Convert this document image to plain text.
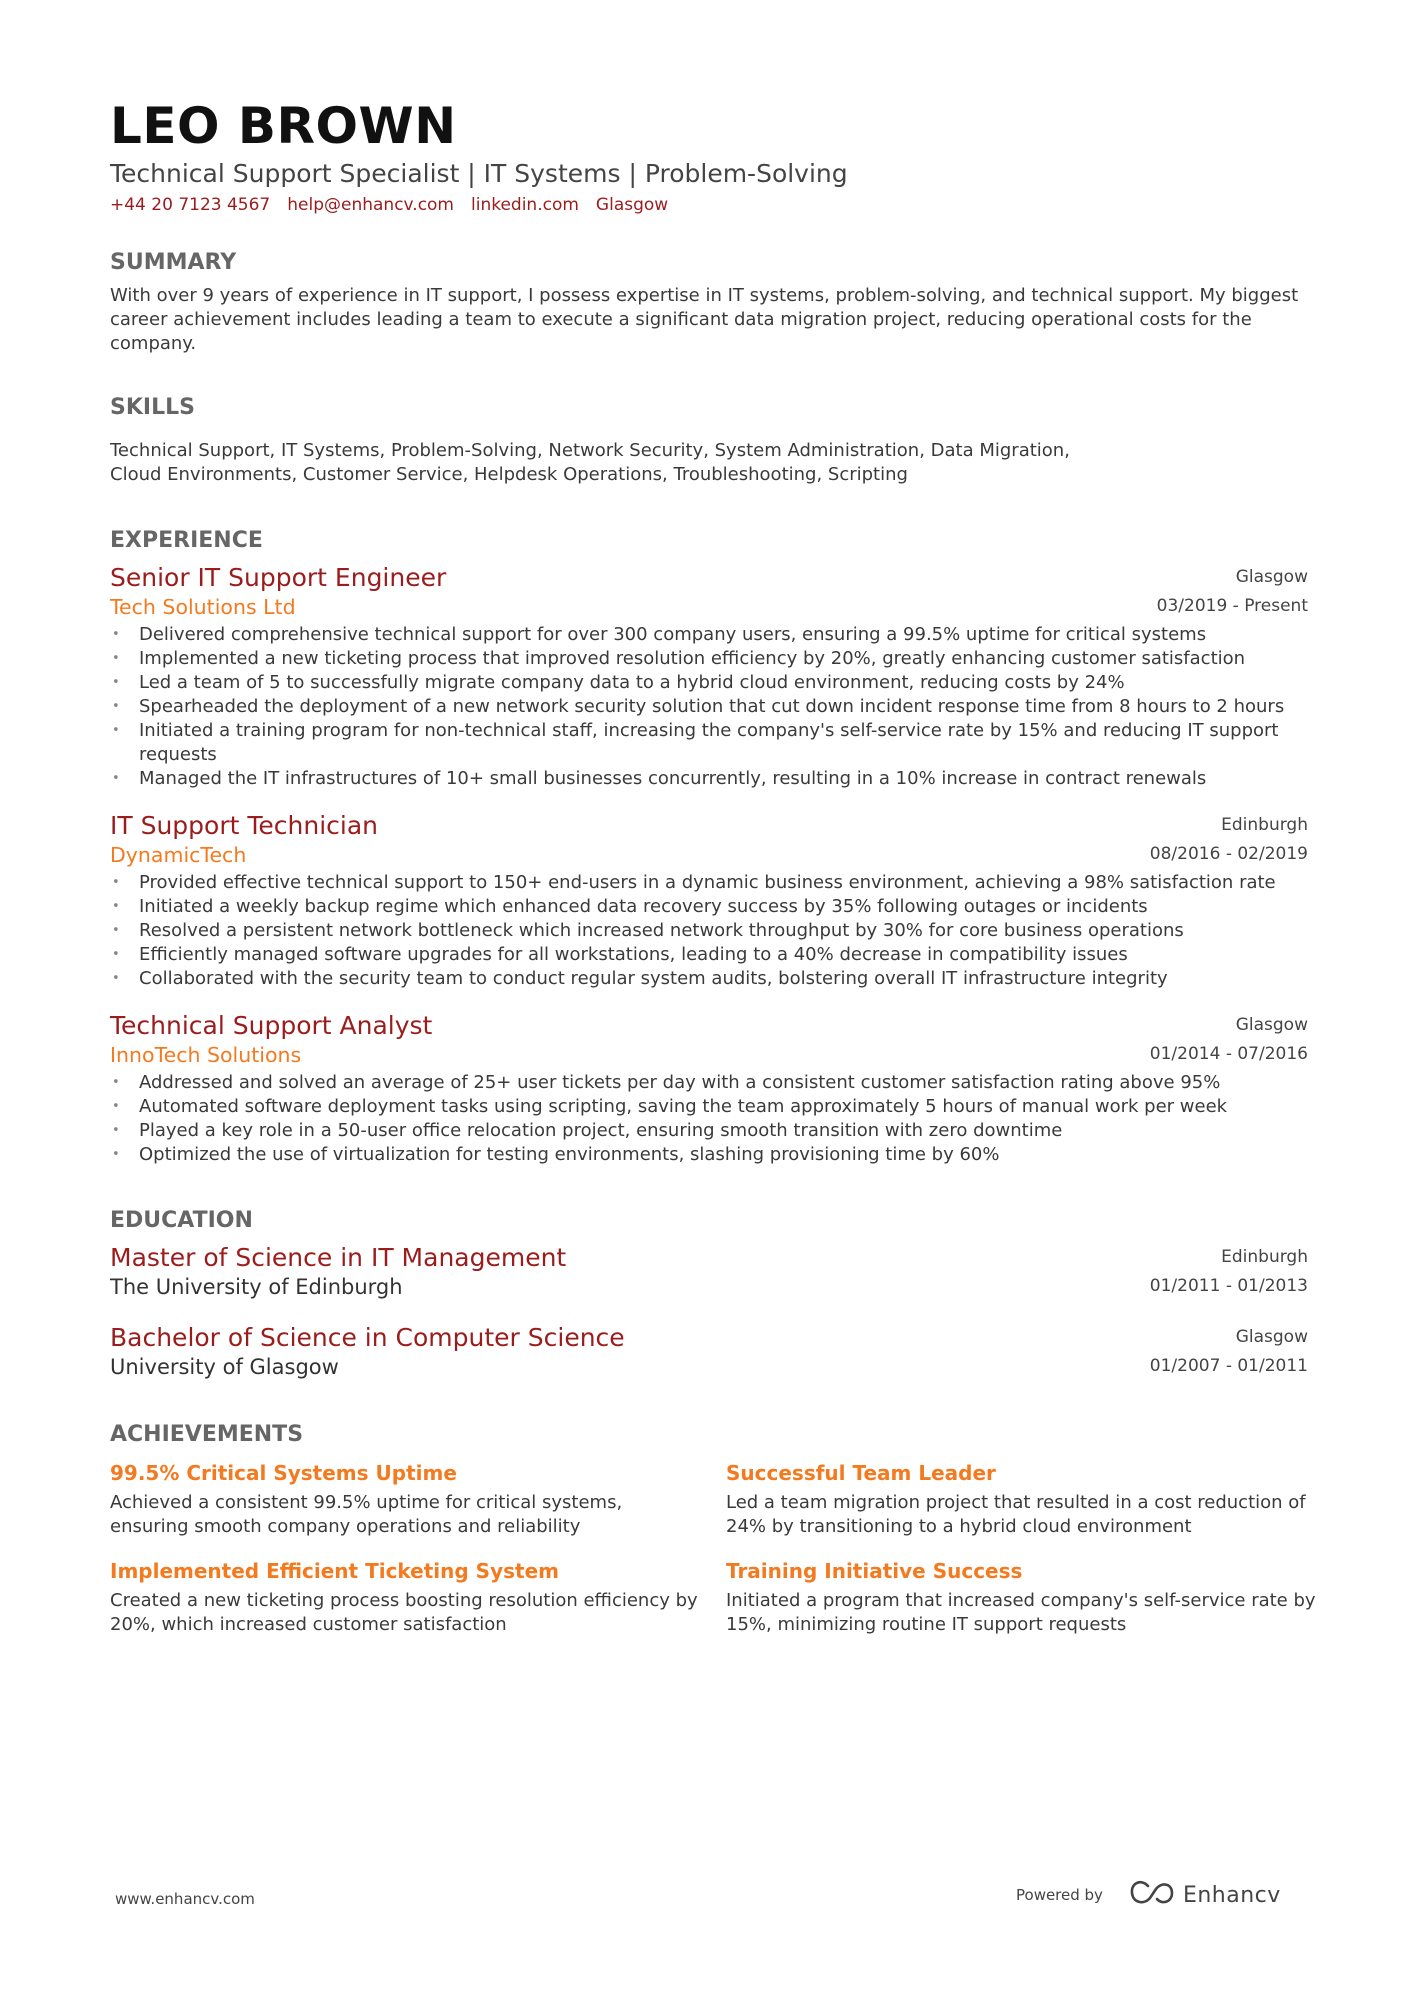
LEO BROWN
Technical Support Specialist | IT Systems | Problem-Solving
+44 20 7123 4567 help@enhancv.com linkedin.com Glasgow
SUMMARY
With over 9 years of experience in IT support, I possess expertise in IT systems, problem-solving, and technical support. My biggest career achievement includes leading a team to execute a significant data migration project, reducing operational costs for the company.
SKILLS
Technical Support, IT Systems, Problem-Solving, Network Security, System Administration, Data Migration,
Cloud Environments, Customer Service, Helpdesk Operations, Troubleshooting, Scripting
EXPERIENCE
Senior IT Support Engineer
Tech Solutions Ltd
Glasgow
03/2019 - Present
• Delivered comprehensive technical support for over 300 company users, ensuring a 99.5% uptime for critical systems
• Implemented a new ticketing process that improved resolution efficiency by 20%, greatly enhancing customer satisfaction
• Led a team of 5 to successfully migrate company data to a hybrid cloud environment, reducing costs by 24%
• Spearheaded the deployment of a new network security solution that cut down incident response time from 8 hours to 2 hours
• Initiated a training program for non-technical staff, increasing the company's self-service rate by 15% and reducing IT support requests
• Managed the IT infrastructures of 10+ small businesses concurrently, resulting in a 10% increase in contract renewals
IT Support Technician
DynamicTech
Edinburgh
08/2016 - 02/2019
• Provided effective technical support to 150+ end-users in a dynamic business environment, achieving a 98% satisfaction rate
• Initiated a weekly backup regime which enhanced data recovery success by 35% following outages or incidents
• Resolved a persistent network bottleneck which increased network throughput by 30% for core business operations
• Efficiently managed software upgrades for all workstations, leading to a 40% decrease in compatibility issues
• Collaborated with the security team to conduct regular system audits, bolstering overall IT infrastructure integrity
Technical Support Analyst
InnoTech Solutions
Glasgow
01/2014 - 07/2016
• Addressed and solved an average of 25+ user tickets per day with a consistent customer satisfaction rating above 95%
• Automated software deployment tasks using scripting, saving the team approximately 5 hours of manual work per week
• Played a key role in a 50-user office relocation project, ensuring smooth transition with zero downtime
• Optimized the use of virtualization for testing environments, slashing provisioning time by 60%
EDUCATION
Master of Science in IT Management
The University of Edinburgh
Edinburgh
01/2011 - 01/2013
Bachelor of Science in Computer Science
University of Glasgow
Glasgow
01/2007 - 01/2011
ACHIEVEMENTS
99.5% Critical Systems Uptime
Achieved a consistent 99.5% uptime for critical systems, ensuring smooth company operations and reliability
Successful Team Leader
Led a team migration project that resulted in a cost reduction of 24% by transitioning to a hybrid cloud environment
Implemented Efficient Ticketing System
Created a new ticketing process boosting resolution efficiency by 20%, which increased customer satisfaction
Training Initiative Success
Initiated a program that increased company's self-service rate by 15%, minimizing routine IT support requests
www.enhancv.com	Powered by	Enhancv
